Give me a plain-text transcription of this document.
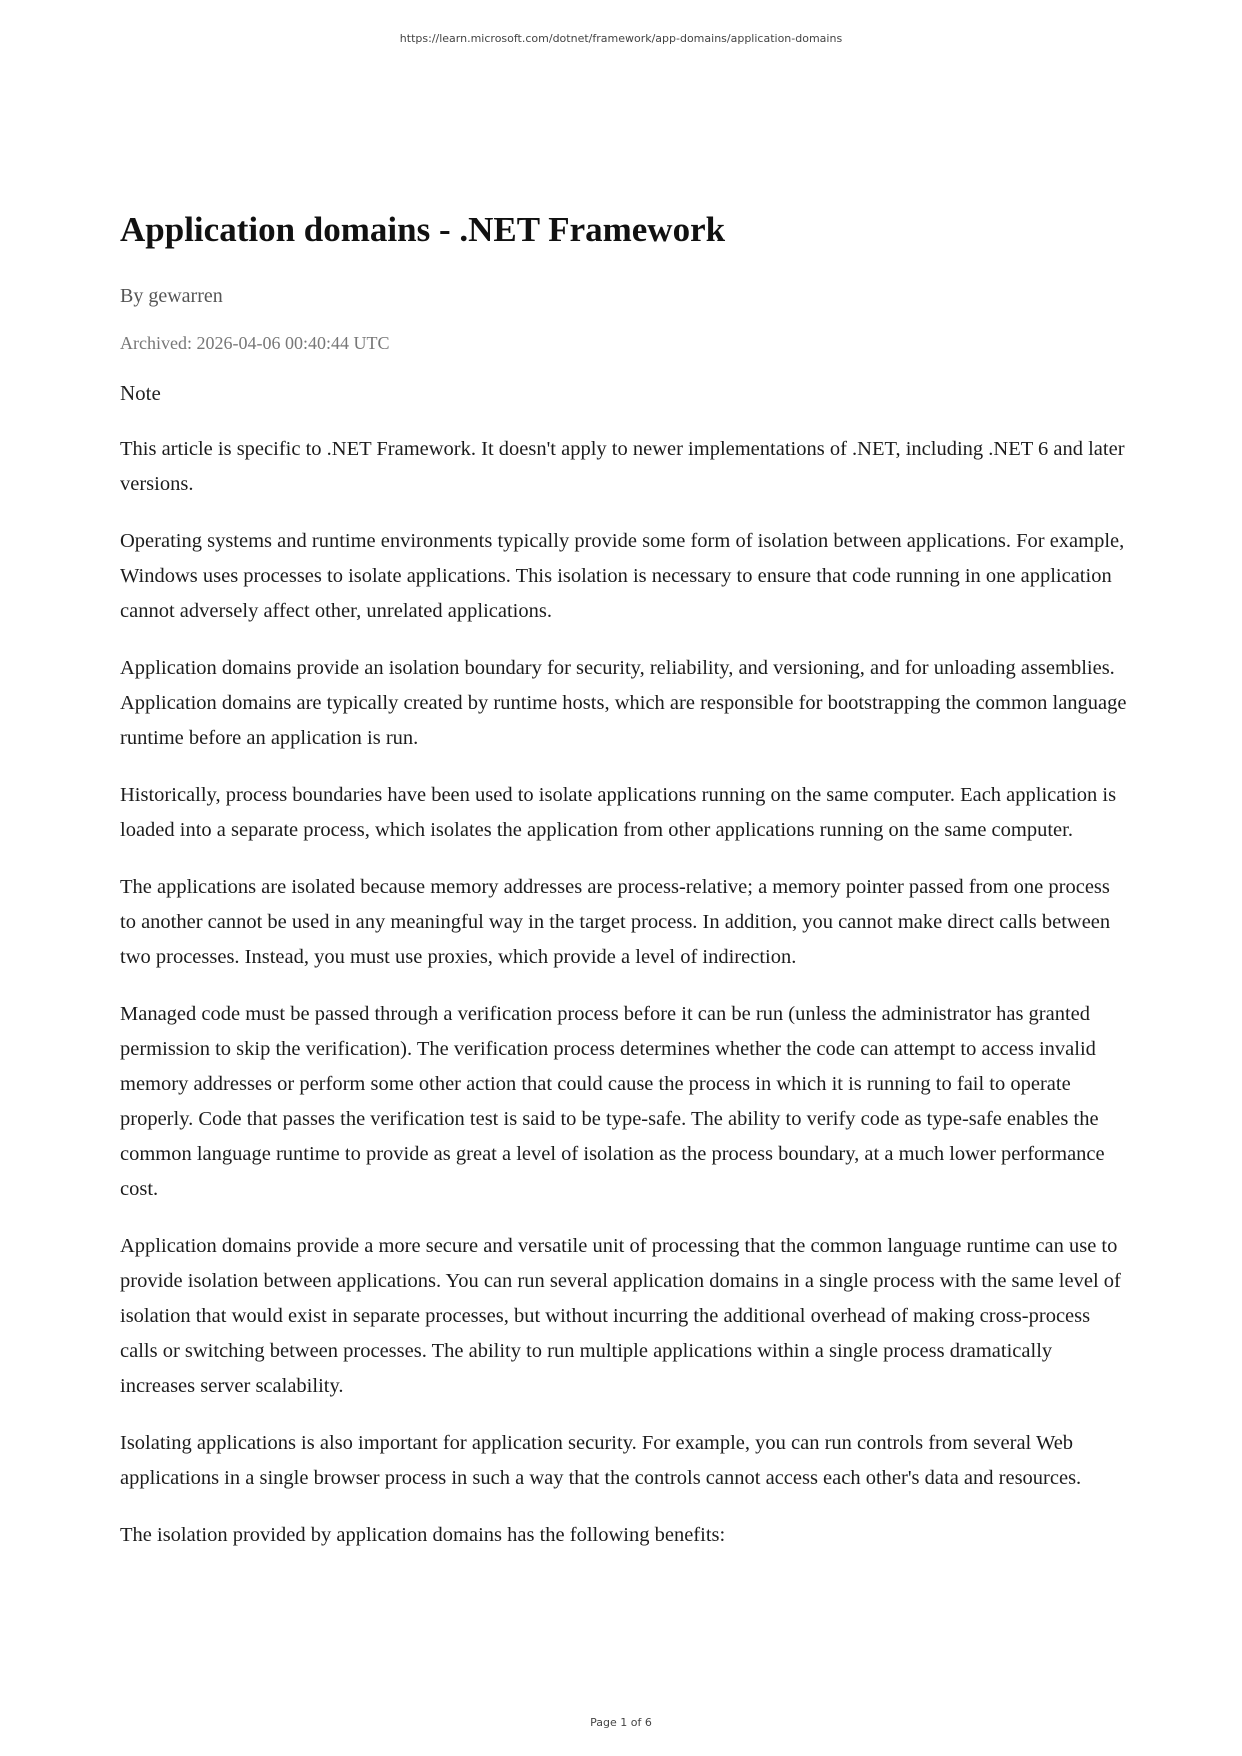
https://learn.microsoft.com/dotnet/framework/app-domains/application-domains
Application domains - .NET Framework

By gewarren

Archived: 2026-04-06 00:40:44 UTC

Note

This article is specific to .NET Framework. It doesn't apply to newer implementations of .NET, including .NET 6 and later versions.

Operating systems and runtime environments typically provide some form of isolation between applications. For example, Windows uses processes to isolate applications. This isolation is necessary to ensure that code running in one application cannot adversely affect other, unrelated applications.

Application domains provide an isolation boundary for security, reliability, and versioning, and for unloading assemblies. Application domains are typically created by runtime hosts, which are responsible for bootstrapping the common language runtime before an application is run.

Historically, process boundaries have been used to isolate applications running on the same computer. Each application is loaded into a separate process, which isolates the application from other applications running on the same computer.

The applications are isolated because memory addresses are process-relative; a memory pointer passed from one process to another cannot be used in any meaningful way in the target process. In addition, you cannot make direct calls between two processes. Instead, you must use proxies, which provide a level of indirection.

Managed code must be passed through a verification process before it can be run (unless the administrator has granted permission to skip the verification). The verification process determines whether the code can attempt to access invalid memory addresses or perform some other action that could cause the process in which it is running to fail to operate properly. Code that passes the verification test is said to be type-safe. The ability to verify code as type-safe enables the common language runtime to provide as great a level of isolation as the process boundary, at a much lower performance cost.

Application domains provide a more secure and versatile unit of processing that the common language runtime can use to provide isolation between applications. You can run several application domains in a single process with the same level of isolation that would exist in separate processes, but without incurring the additional overhead of making cross-process calls or switching between processes. The ability to run multiple applications within a single process dramatically increases server scalability.

Isolating applications is also important for application security. For example, you can run controls from several Web applications in a single browser process in such a way that the controls cannot access each other's data and resources.

The isolation provided by application domains has the following benefits:

Page 1 of 6
